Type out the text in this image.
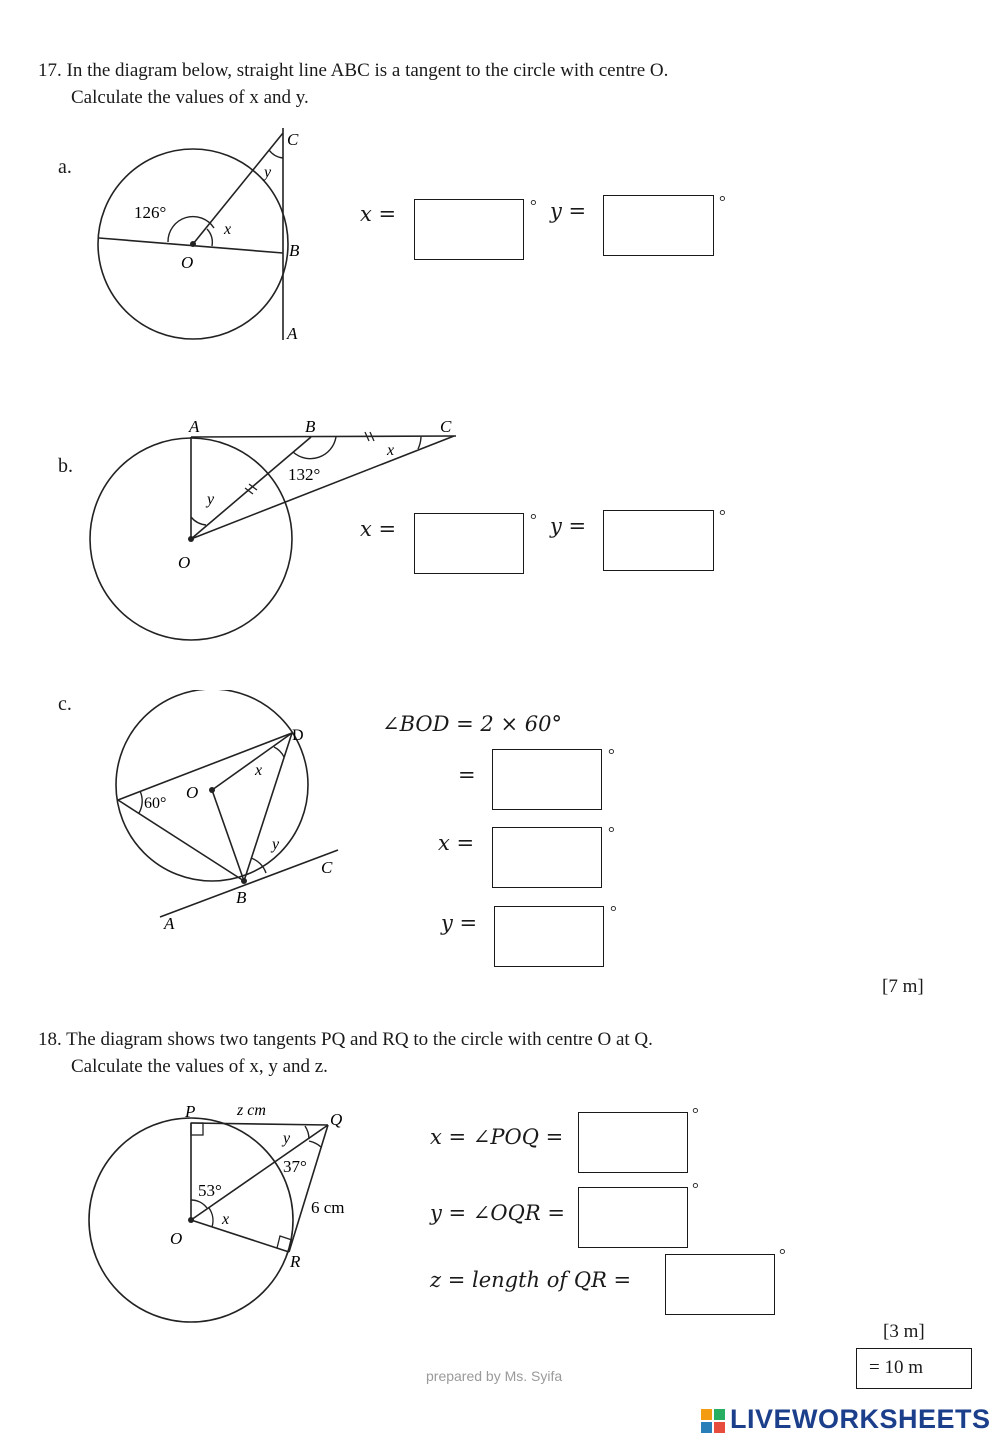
17. In the diagram below, straight line ABC is a tangent to the circle with centre O.
Calculate the values of x and y.
a.
126°
x
y
O
B
C
A
x =	° y =	°
b.	132°
x
y
O
A	B	C
x =	° y =	°
c.
60°
x
y
O
D
B
C
A
∠BOD = 2 × 60°
=
°
x =	°
y =	°
[7 m]
18. The diagram shows two tangents PQ and RQ to the circle with centre O at Q.
Calculate the values of x, y and z.
P	Q
R
O
z cm
6 cm
53°
37°
x
y	x = ∠POQ =
°
y = ∠OQR =
°
z = length of QR =
°
[3 m]
= 10 m
prepared by Ms. Syifa
LIVEWORKSHEETS
